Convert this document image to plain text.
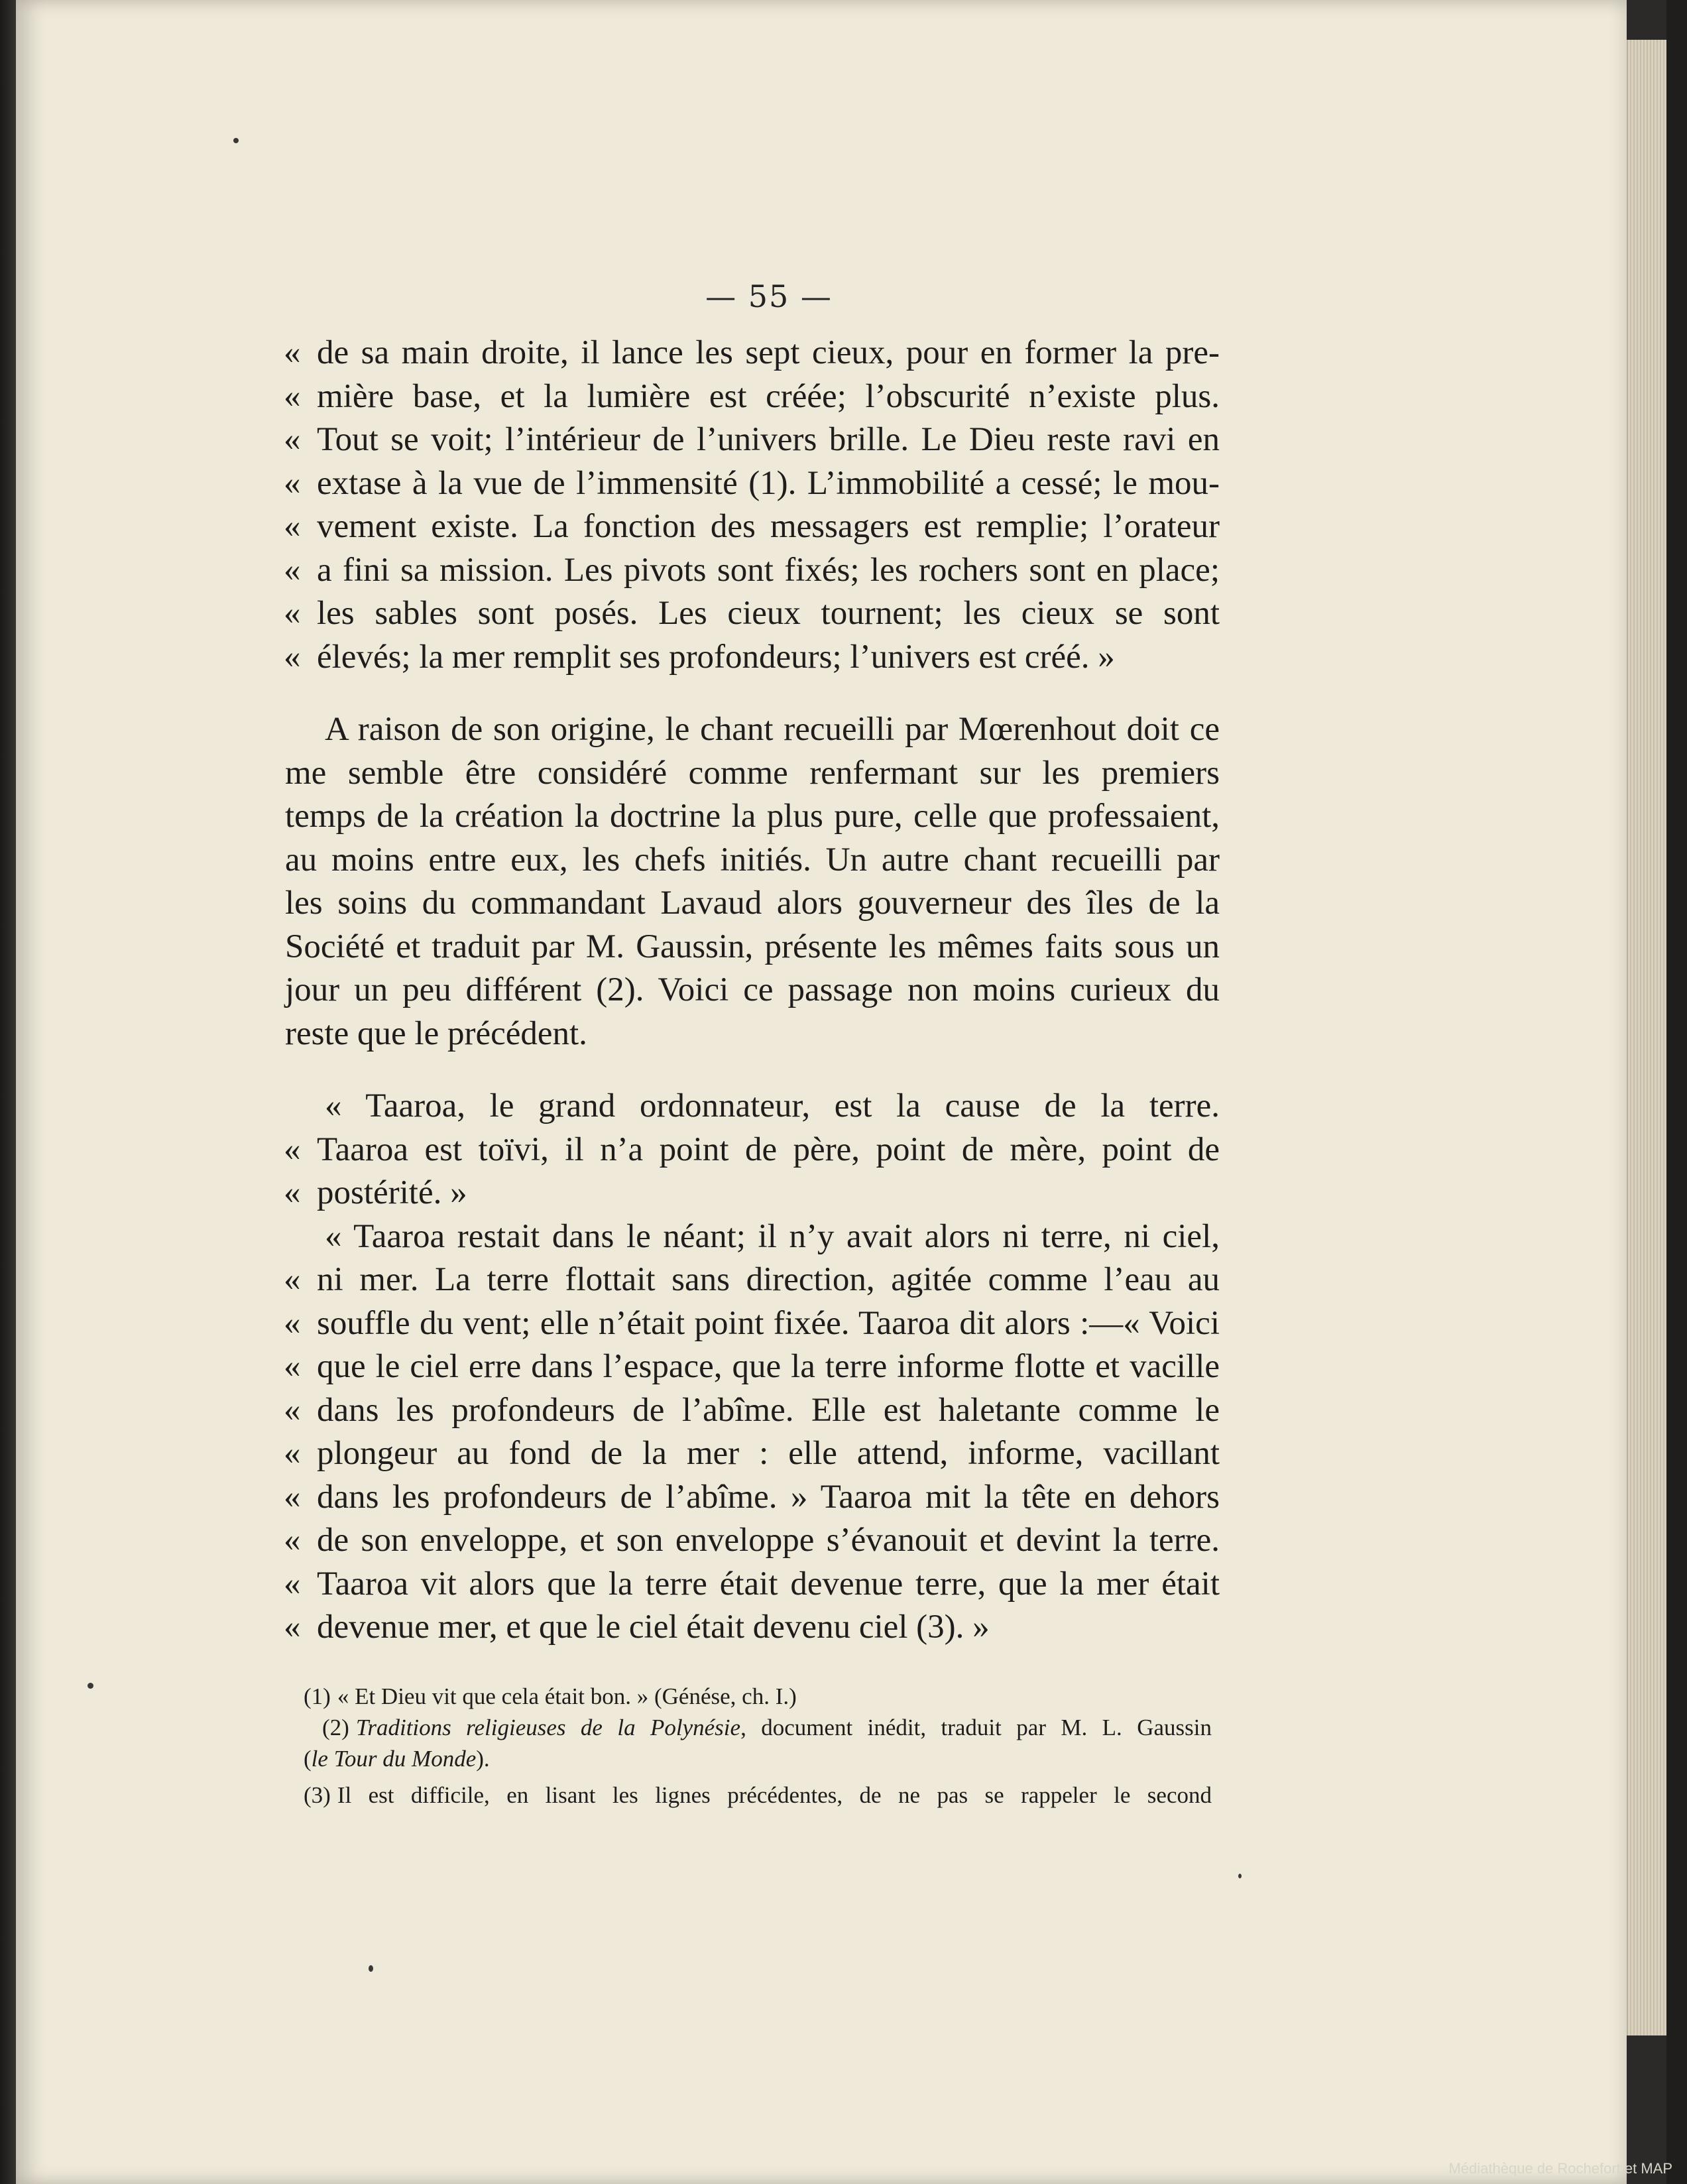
— 55 —
« de sa main droite, il lance les sept cieux, pour en former la pre-
« mière base, et la lumière est créée; l’obscurité n’existe plus.
« Tout se voit; l’intérieur de l’univers brille. Le Dieu reste ravi en
« extase à la vue de l’immensité (1). L’immobilité a cessé; le mou-
« vement existe. La fonction des messagers est remplie; l’orateur
« a fini sa mission. Les pivots sont fixés; les rochers sont en place;
« les sables sont posés. Les cieux tournent; les cieux se sont
« élevés; la mer remplit ses profondeurs; l’univers est créé. »
A raison de son origine, le chant recueilli par Mœrenhout doit ce
me semble être considéré comme renfermant sur les premiers
temps de la création la doctrine la plus pure, celle que professaient,
au moins entre eux, les chefs initiés. Un autre chant recueilli par
les soins du commandant Lavaud alors gouverneur des îles de la
Société et traduit par M. Gaussin, présente les mêmes faits sous un
jour un peu différent (2). Voici ce passage non moins curieux du
reste que le précédent.
« Taaroa, le grand ordonnateur, est la cause de la terre.
« Taaroa est toïvi, il n’a point de père, point de mère, point de
« postérité. »
« Taaroa restait dans le néant; il n’y avait alors ni terre, ni ciel,
« ni mer. La terre flottait sans direction, agitée comme l’eau au
« souffle du vent; elle n’était point fixée. Taaroa dit alors :—« Voici
« que le ciel erre dans l’espace, que la terre informe flotte et vacille
« dans les profondeurs de l’abîme. Elle est haletante comme le
« plongeur au fond de la mer : elle attend, informe, vacillant
« dans les profondeurs de l’abîme. » Taaroa mit la tête en dehors
« de son enveloppe, et son enveloppe s’évanouit et devint la terre.
« Taaroa vit alors que la terre était devenue terre, que la mer était
« devenue mer, et que le ciel était devenu ciel (3). »
(1) « Et Dieu vit que cela était bon. » (Génése, ch. I.)
(2) Traditions religieuses de la Polynésie, document inédit, traduit par M. L. Gaussin
(le Tour du Monde).
(3) Il est difficile, en lisant les lignes précédentes, de ne pas se rappeler le second
Médiathèque de Rochefort et MAP
